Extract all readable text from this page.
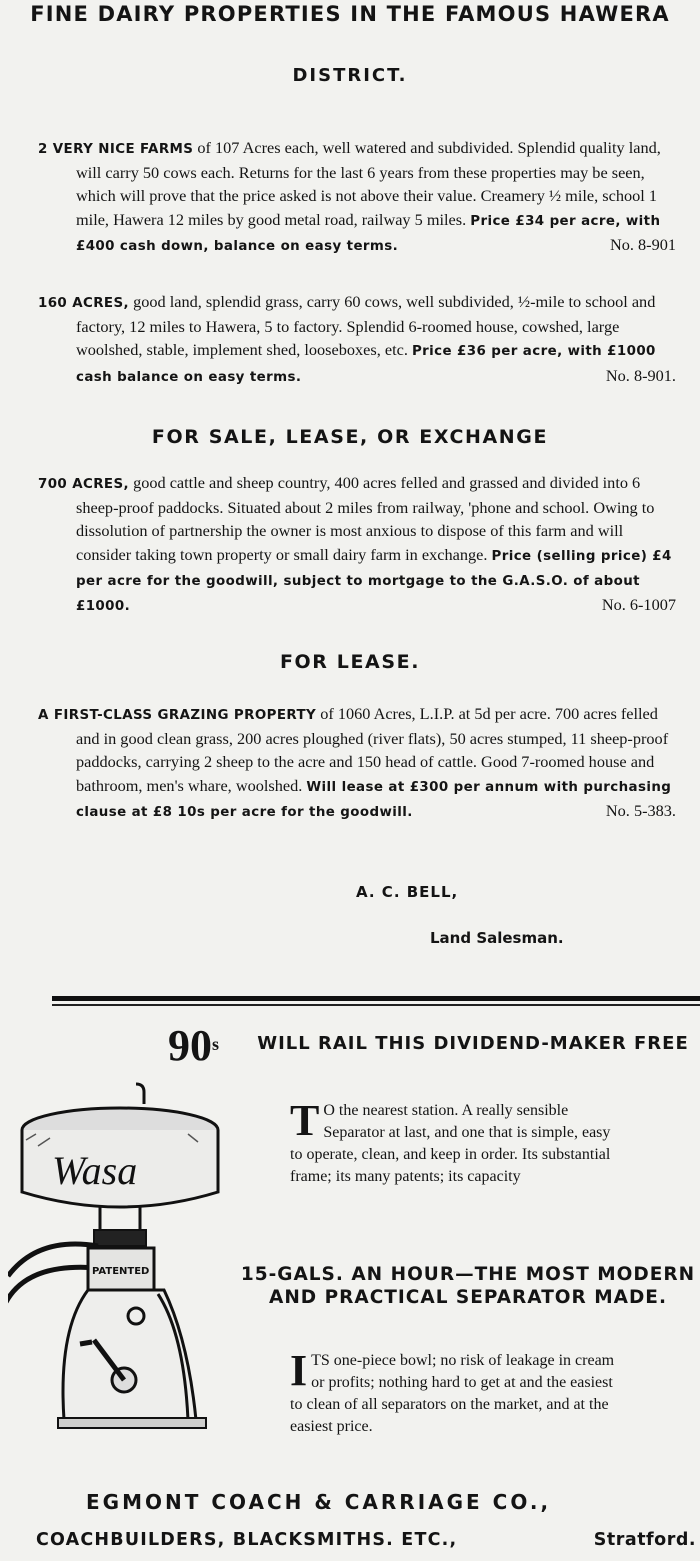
FINE DAIRY PROPERTIES IN THE FAMOUS HAWERA
DISTRICT.
2 VERY NICE FARMS of 107 Acres each, well watered and subdivided. Splendid quality land, will carry 50 cows each. Returns for the last 6 years from these properties may be seen, which will prove that the price asked is not above their value. Creamery ½ mile, school 1 mile, Hawera 12 miles by good metal road, railway 5 miles. Price £34 per acre, with £400 cash down, balance on easy terms.	No. 8-901
160 ACRES, good land, splendid grass, carry 60 cows, well subdivided, ½-mile to school and factory, 12 miles to Hawera, 5 to factory. Splendid 6-roomed house, cowshed, large woolshed, stable, implement shed, looseboxes, etc. Price £36 per acre, with £1000 cash balance on easy terms.	No. 8-901.
FOR SALE, LEASE, OR EXCHANGE
700 ACRES, good cattle and sheep country, 400 acres felled and grassed and divided into 6 sheep-proof paddocks. Situated about 2 miles from railway, 'phone and school. Owing to dissolution of partnership the owner is most anxious to dispose of this farm and will consider taking town property or small dairy farm in exchange. Price (selling price) £4 per acre for the goodwill, subject to mortgage to the G.A.S.O. of about £1000.	No. 6-1007
FOR LEASE.
A FIRST-CLASS GRAZING PROPERTY of 1060 Acres, L.I.P. at 5d per acre. 700 acres felled and in good clean grass, 200 acres ploughed (river flats), 50 acres stumped, 11 sheep-proof paddocks, carrying 2 sheep to the acre and 150 head of cattle. Good 7-roomed house and bathroom, men's whare, woolshed. Will lease at £300 per annum with purchasing clause at £8 10s per acre for the goodwill.	No. 5-383.
A. C. BELL,
Land Salesman.
90$^s$	WILL RAIL THIS DIVIDEND-MAKER FREE
Wasa
PATENTED
T O the nearest station. A really sensible Separator at last, and one that is simple, easy to operate, clean, and keep in order. Its substantial frame; its many patents; its capacity
15-GALS. AN HOUR—THE MOST MODERN AND PRACTICAL SEPARATOR MADE.
ITS one-piece bowl; no risk of leakage in cream or profits; nothing hard to get at and the easiest to clean of all separators on the market, and at the easiest price.
EGMONT COACH & CARRIAGE CO.,
COACHBUILDERS, BLACKSMITHS. ETC.,	Stratford.
